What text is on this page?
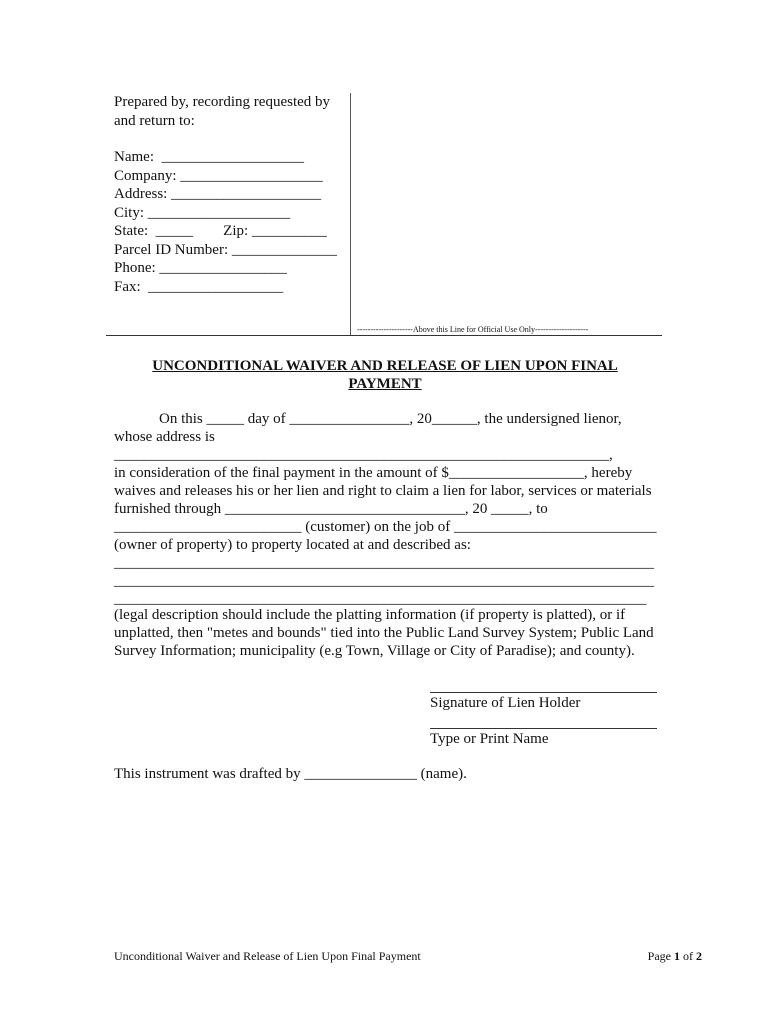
Prepared by, recording requested by

and return to:

Name:  ___________________

Company: ___________________

Address: ____________________

City: ___________________

State:  _____        Zip: __________

Parcel ID Number: ______________

Phone: _________________

Fax:  __________________

---------------------Above this Line for Official Use Only--------------------
UNCONDITIONAL WAIVER AND RELEASE OF LIEN UPON FINAL
PAYMENT

On this _____ day of ________________, 20______, the undersigned lienor,

whose address is

__________________________________________________________________,

in consideration of the final payment in the amount of $__________________, hereby

waives and releases his or her lien and right to claim a lien for labor, services or materials

furnished through ________________________________, 20 _____, to

_________________________ (customer) on the job of ___________________________

(owner of property) to property located at and described as:

________________________________________________________________________

________________________________________________________________________

_______________________________________________________________________

(legal description should include the platting information (if property is platted), or if

unplatted, then "metes and bounds" tied into the Public Land Survey System; Public Land

Survey Information; municipality (e.g Town, Village or City of Paradise); and county).

Signature of Lien Holder
Type or Print Name
This instrument was drafted by _______________ (name).
Unconditional Waiver and Release of Lien Upon Final Payment	Page 1 of 2
